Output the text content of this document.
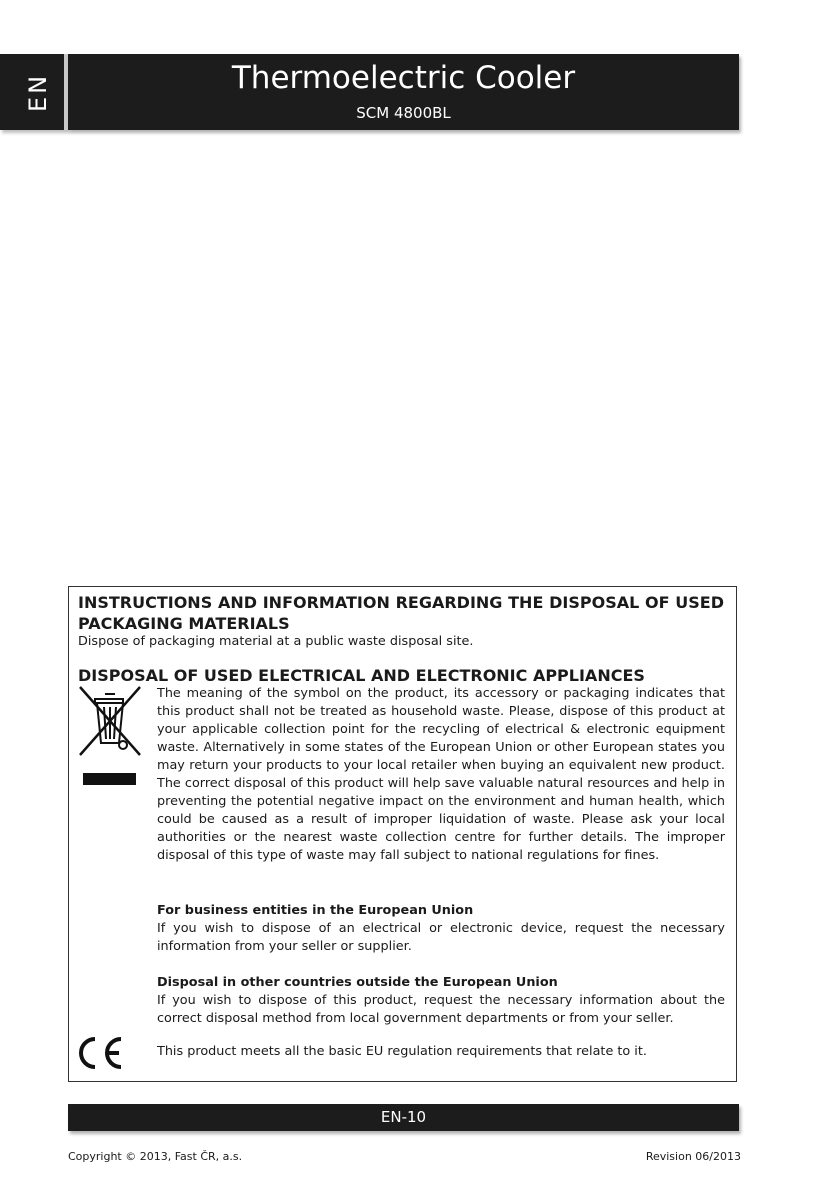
EN	Thermoelectric Cooler
SCM 4800BL
INSTRUCTIONS AND INFORMATION REGARDING THE DISPOSAL OF USED PACKAGING MATERIALS
Dispose of packaging material at a public waste disposal site.
DISPOSAL OF USED ELECTRICAL AND ELECTRONIC APPLIANCES
The meaning of the symbol on the product, its accessory or packaging indicates that this product shall not be treated as household waste. Please, dispose of this product at your applicable collection point for the recycling of electrical & electronic equipment waste. Alternatively in some states of the European Union or other European states you may return your products to your local retailer when buying an equivalent new product. The correct disposal of this product will help save valuable natural resources and help in preventing the potential negative impact on the environment and human health, which could be caused as a result of improper liquidation of waste. Please ask your local authorities or the nearest waste collection centre for further details. The improper disposal of this type of waste may fall subject to national regulations for fines.
For business entities in the European Union
If you wish to dispose of an electrical or electronic device, request the necessary information from your seller or supplier.
Disposal in other countries outside the European Union
If you wish to dispose of this product, request the necessary information about the correct disposal method from local government departments or from your seller.
This product meets all the basic EU regulation requirements that relate to it.
EN-10
Copyright © 2013, Fast ČR, a.s.	Revision 06/2013
